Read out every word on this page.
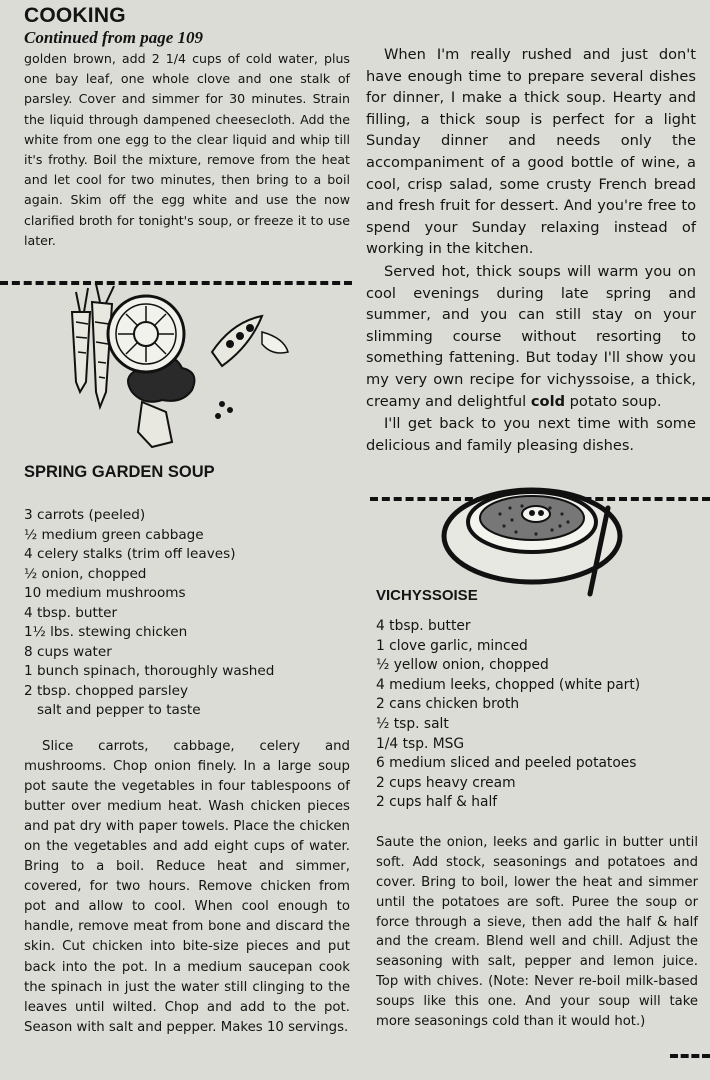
COOKING

Continued from page 109

golden brown, add 2 1/4 cups of cold water, plus one bay leaf, one whole clove and one stalk of parsley. Cover and simmer for 30 minutes. Strain the liquid through dampened cheesecloth. Add the white from one egg to the clear liquid and whip till it's frothy. Boil the mixture, remove from the heat and let cool for two minutes, then bring to a boil again. Skim off the egg white and use the now clarified broth for tonight's soup, or freeze it to use later.

SPRING GARDEN SOUP
3 carrots (peeled)
½ medium green cabbage
4 celery stalks (trim off leaves)
½ onion, chopped
10 medium mushrooms
4 tbsp. butter
1½ lbs. stewing chicken
8 cups water
1 bunch spinach, thoroughly washed
2 tbsp. chopped parsley
salt and pepper to taste

Slice carrots, cabbage, celery and mushrooms. Chop onion finely. In a large soup pot saute the vegetables in four tablespoons of butter over medium heat. Wash chicken pieces and pat dry with paper towels. Place the chicken on the vegetables and add eight cups of water. Bring to a boil. Reduce heat and simmer, covered, for two hours. Remove chicken from pot and allow to cool. When cool enough to handle, remove meat from bone and discard the skin. Cut chicken into bite-size pieces and put back into the pot. In a medium saucepan cook the spinach in just the water still clinging to the leaves until wilted. Chop and add to the pot. Season with salt and pepper. Makes 10 servings.

When I'm really rushed and just don't have enough time to prepare several dishes for dinner, I make a thick soup. Hearty and filling, a thick soup is perfect for a light Sunday dinner and needs only the accompaniment of a good bottle of wine, a cool, crisp salad, some crusty French bread and fresh fruit for dessert. And you're free to spend your Sunday relaxing instead of working in the kitchen.

Served hot, thick soups will warm you on cool evenings during late spring and summer, and you can still stay on your slimming course without resorting to something fattening. But today I'll show you my very own recipe for vichyssoise, a thick, creamy and delightful cold potato soup.

I'll get back to you next time with some delicious and family pleasing dishes.

VICHYSSOISE
4 tbsp. butter
1 clove garlic, minced
½ yellow onion, chopped
4 medium leeks, chopped (white part)
2 cans chicken broth
½ tsp. salt
1/4 tsp. MSG
6 medium sliced and peeled potatoes
2 cups heavy cream
2 cups half & half

Saute the onion, leeks and garlic in butter until soft. Add stock, seasonings and potatoes and cover. Bring to boil, lower the heat and simmer until the potatoes are soft. Puree the soup or force through a sieve, then add the half & half and the cream. Blend well and chill. Adjust the seasoning with salt, pepper and lemon juice. Top with chives. (Note: Never re-boil milk-based soups like this one. And your soup will take more seasonings cold than it would hot.)
